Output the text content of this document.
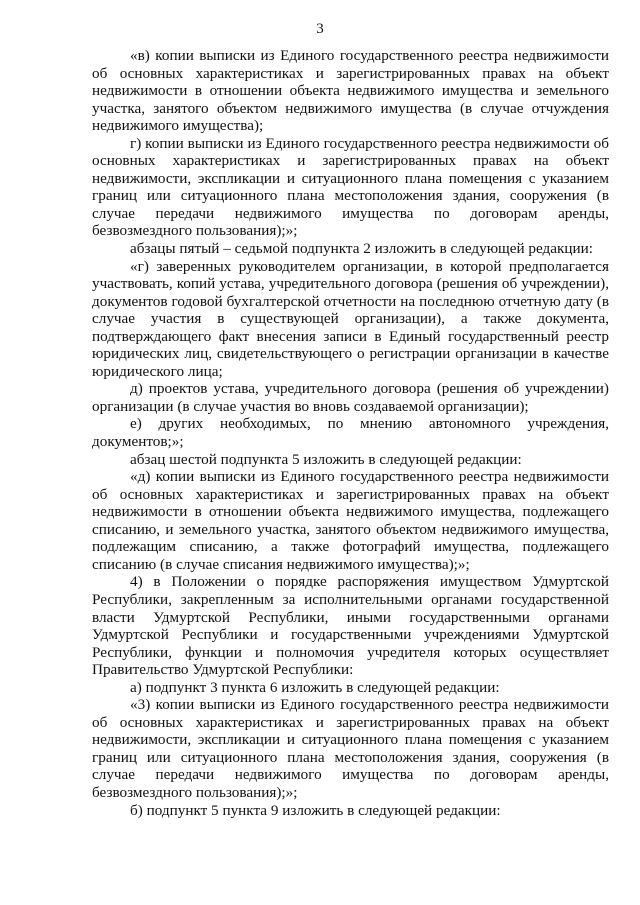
3

«в) копии выписки из Единого государственного реестра недвижимости об основных характеристиках и зарегистрированных правах на объект недвижимости в отношении объекта недвижимого имущества и земельного участка, занятого объектом недвижимого имущества (в случае отчуждения недвижимого имущества);

г) копии выписки из Единого государственного реестра недвижимости об основных характеристиках и зарегистрированных правах на объект недвижимости, экспликации и ситуационного плана помещения с указанием границ или ситуационного плана местоположения здания, сооружения (в случае передачи недвижимого имущества по договорам аренды, безвозмездного пользования);»;

абзацы пятый – седьмой подпункта 2 изложить в следующей редакции:

«г) заверенных руководителем организации, в которой предполагается участвовать, копий устава, учредительного договора (решения об учреждении), документов годовой бухгалтерской отчетности на последнюю отчетную дату (в случае участия в существующей организации), а также документа, подтверждающего факт внесения записи в Единый государственный реестр юридических лиц, свидетельствующего о регистрации организации в качестве юридического лица;

д) проектов устава, учредительного договора (решения об учреждении) организации (в случае участия во вновь создаваемой организации);

е) других необходимых, по мнению автономного учреждения, документов;»;

абзац шестой подпункта 5 изложить в следующей редакции:

«д) копии выписки из Единого государственного реестра недвижимости об основных характеристиках и зарегистрированных правах на объект недвижимости в отношении объекта недвижимого имущества, подлежащего списанию, и земельного участка, занятого объектом недвижимого имущества, подлежащим списанию, а также фотографий имущества, подлежащего списанию (в случае списания недвижимого имущества);»;

4) в Положении о порядке распоряжения имуществом Удмуртской Республики, закрепленным за исполнительными органами государственной власти Удмуртской Республики, иными государственными органами Удмуртской Республики и государственными учреждениями Удмуртской Республики, функции и полномочия учредителя которых осуществляет Правительство Удмуртской Республики:

а) подпункт 3 пункта 6 изложить в следующей редакции:

«3) копии выписки из Единого государственного реестра недвижимости об основных характеристиках и зарегистрированных правах на объект недвижимости, экспликации и ситуационного плана помещения с указанием границ или ситуационного плана местоположения здания, сооружения (в случае передачи недвижимого имущества по договорам аренды, безвозмездного пользования);»;

б) подпункт 5 пункта 9 изложить в следующей редакции:
